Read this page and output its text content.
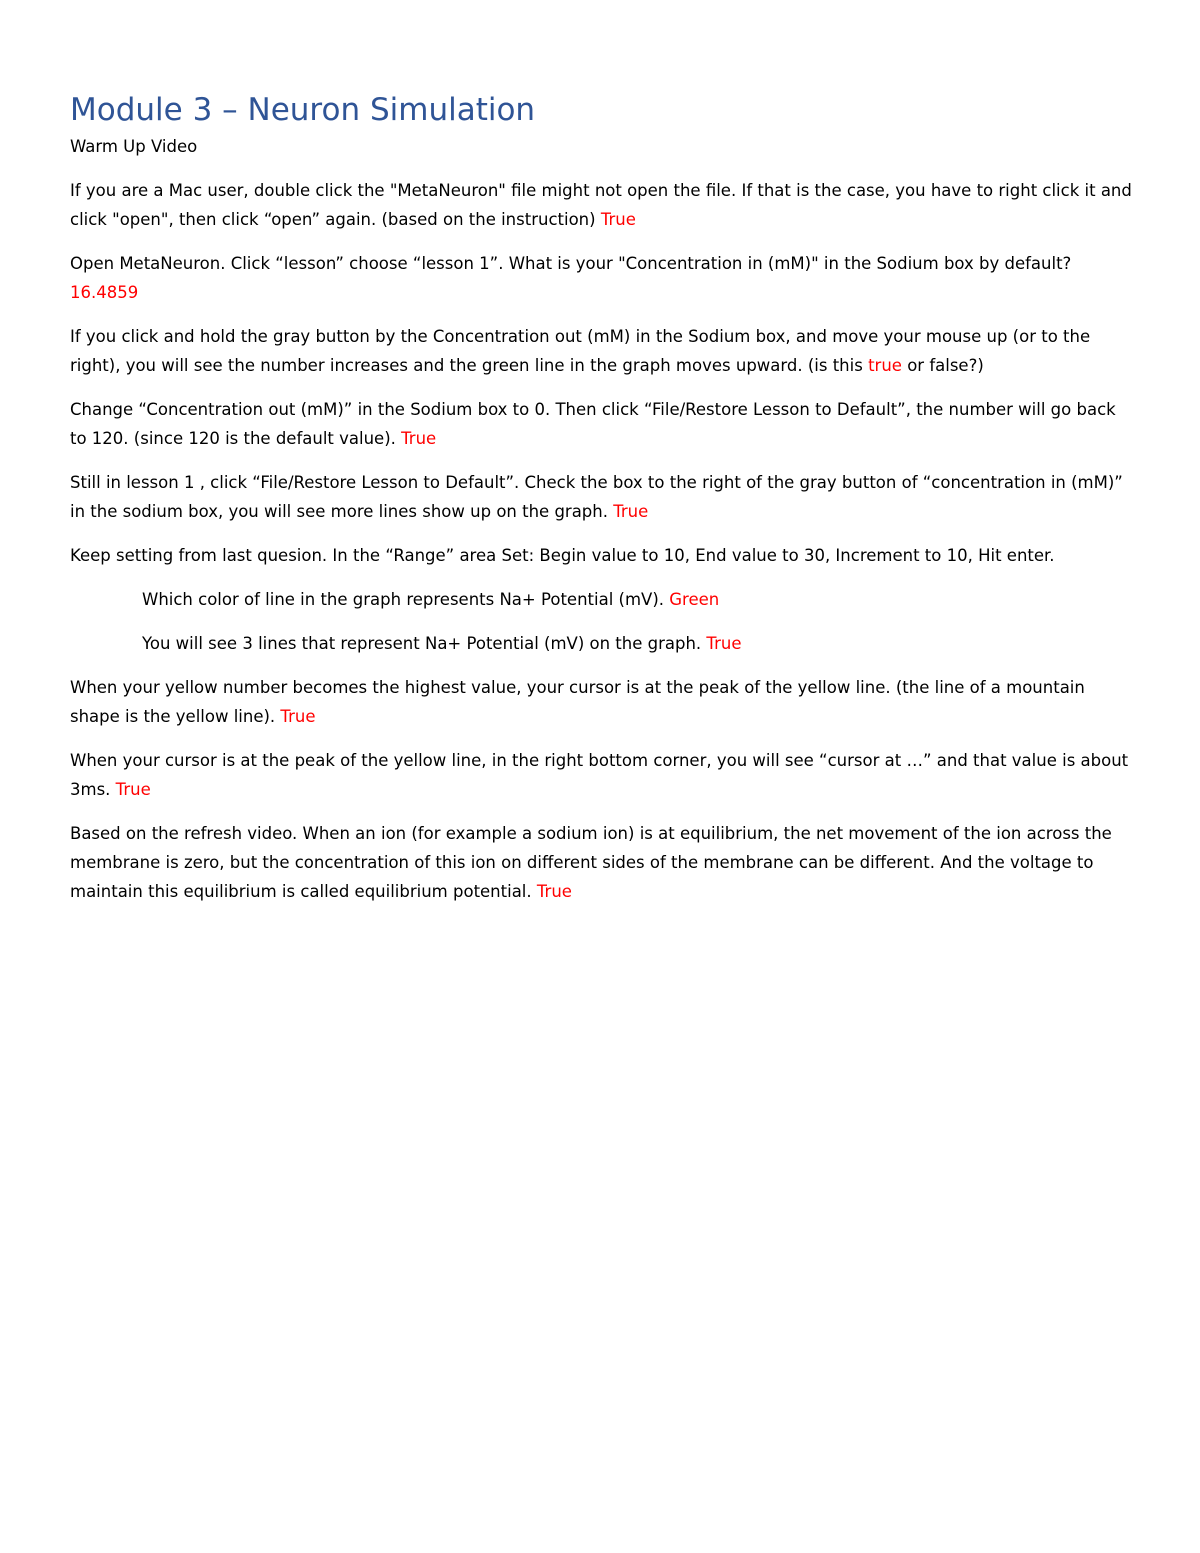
Module 3 – Neuron Simulation
Warm Up Video

If you are a Mac user, double click the "MetaNeuron" file might not open the file. If that is the case, you have to right click it and click "open", then click “open” again. (based on the instruction) True

Open MetaNeuron. Click “lesson” choose “lesson 1”. What is your "Concentration in (mM)" in the Sodium box by default? 16.4859

If you click and hold the gray button by the Concentration out (mM) in the Sodium box, and move your mouse up (or to the right), you will see the number increases and the green line in the graph moves upward. (is this true or false?)

Change “Concentration out (mM)” in the Sodium box to 0. Then click “File/Restore Lesson to Default”, the number will go back to 120. (since 120 is the default value). True

Still in lesson 1 , click “File/Restore Lesson to Default”. Check the box to the right of the gray button of “concentration in (mM)” in the sodium box, you will see more lines show up on the graph. True

Keep setting from last quesion. In the “Range” area Set: Begin value to 10, End value to 30, Increment to 10, Hit enter.

Which color of line in the graph represents Na+ Potential (mV). Green

You will see 3 lines that represent Na+ Potential (mV) on the graph. True

When your yellow number becomes the highest value, your cursor is at the peak of the yellow line. (the line of a mountain shape is the yellow line). True

When your cursor is at the peak of the yellow line, in the right bottom corner, you will see “cursor at …” and that value is about 3ms. True

Based on the refresh video. When an ion (for example a sodium ion) is at equilibrium, the net movement of the ion across the membrane is zero, but the concentration of this ion on different sides of the membrane can be different. And the voltage to maintain this equilibrium is called equilibrium potential. True
